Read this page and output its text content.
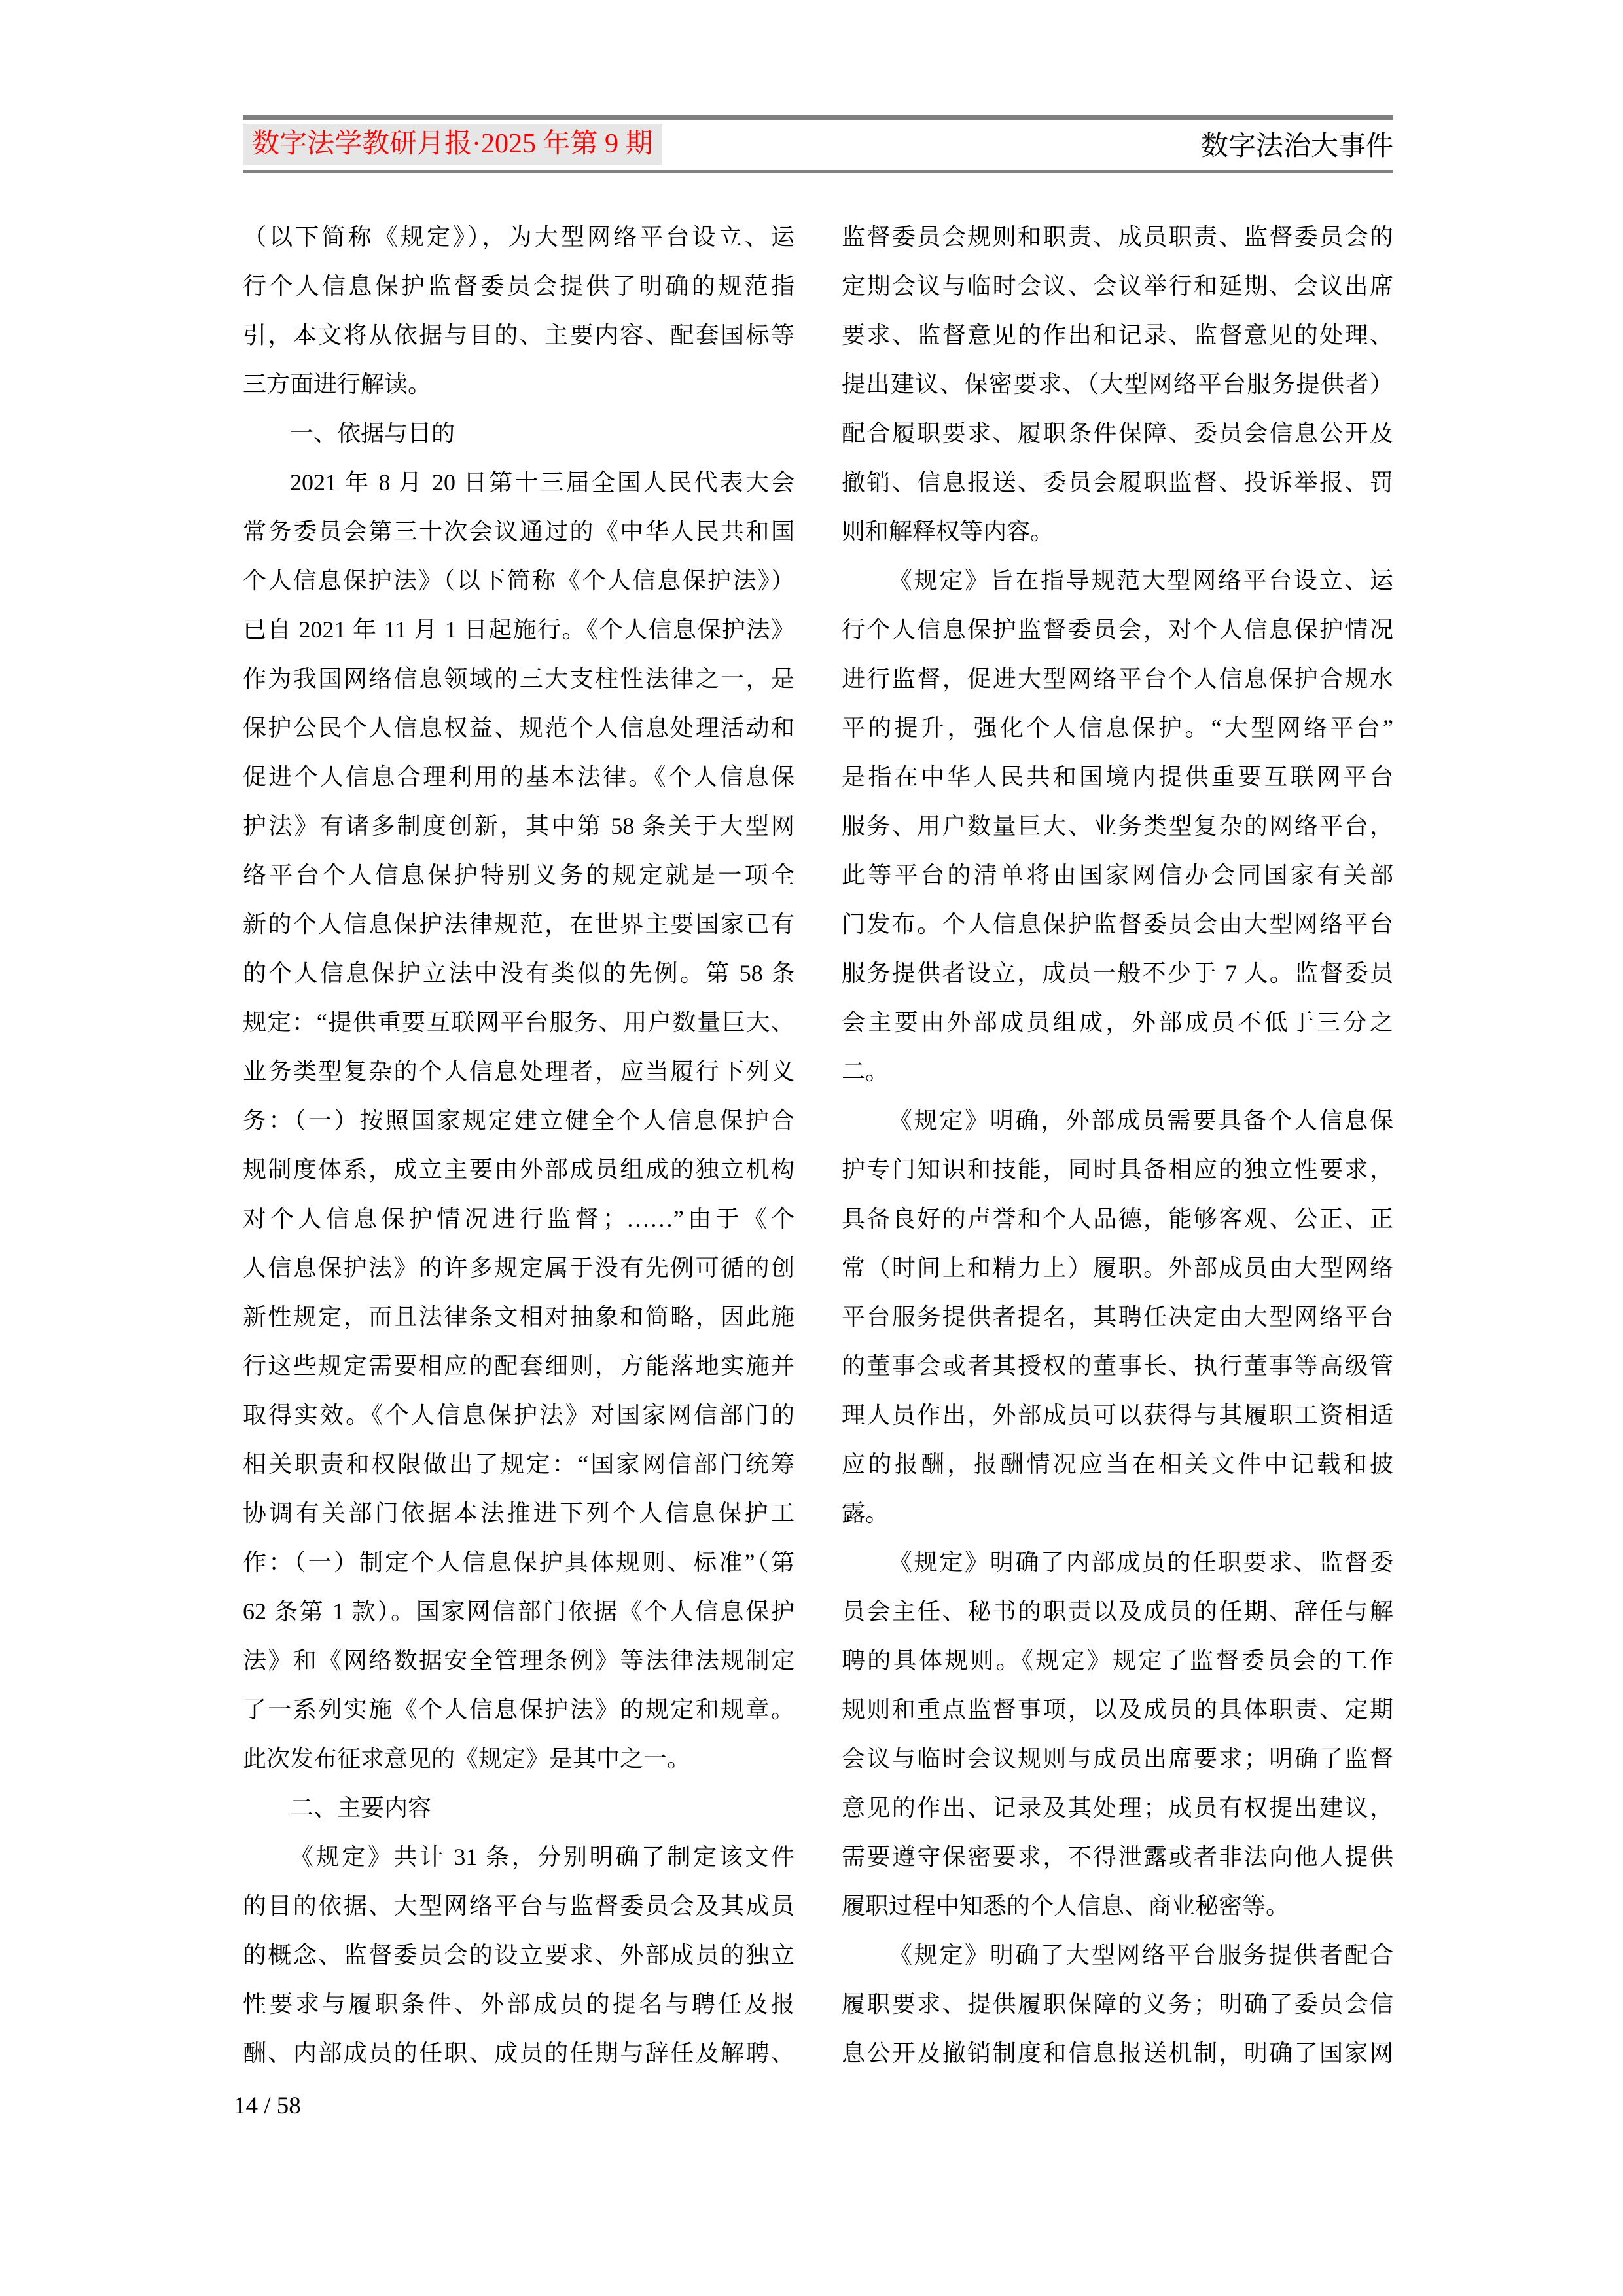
数字法学教研月报·2025 年第 9 期	数字法治大事件
（以下简称《规定》），为大型网络平台设立、运
行个人信息保护监督委员会提供了明确的规范指
引，本文将从依据与目的、主要内容、配套国标等
三方面进行解读。
一、依据与目的
2021 年 8 月 20 日第十三届全国人民代表大会
常务委员会第三十次会议通过的《中华人民共和国
个人信息保护法》（以下简称《个人信息保护法》）
已自 2021 年 11 月 1 日起施行。《个人信息保护法》
作为我国网络信息领域的三大支柱性法律之一，是
保护公民个人信息权益、规范个人信息处理活动和
促进个人信息合理利用的基本法律。《个人信息保
护法》有诸多制度创新，其中第 58 条关于大型网
络平台个人信息保护特别义务的规定就是一项全
新的个人信息保护法律规范，在世界主要国家已有
的个人信息保护立法中没有类似的先例。第 58 条
规定：“提供重要互联网平台服务、用户数量巨大、
业务类型复杂的个人信息处理者，应当履行下列义
务：（一）按照国家规定建立健全个人信息保护合
规制度体系，成立主要由外部成员组成的独立机构
对个人信息保护情况进行监督；……”由于《个
人信息保护法》的许多规定属于没有先例可循的创
新性规定，而且法律条文相对抽象和简略，因此施
行这些规定需要相应的配套细则，方能落地实施并
取得实效。《个人信息保护法》对国家网信部门的
相关职责和权限做出了规定：“国家网信部门统筹
协调有关部门依据本法推进下列个人信息保护工
作：（一）制定个人信息保护具体规则、标准”（第
62 条第 1 款）。国家网信部门依据《个人信息保护
法》和《网络数据安全管理条例》等法律法规制定
了一系列实施《个人信息保护法》的规定和规章。
此次发布征求意见的《规定》是其中之一。
二、主要内容
《规定》共计 31 条，分别明确了制定该文件
的目的依据、大型网络平台与监督委员会及其成员
的概念、监督委员会的设立要求、外部成员的独立
性要求与履职条件、外部成员的提名与聘任及报
酬、内部成员的任职、成员的任期与辞任及解聘、
监督委员会规则和职责、成员职责、监督委员会的
定期会议与临时会议、会议举行和延期、会议出席
要求、监督意见的作出和记录、监督意见的处理、
提出建议、保密要求、（大型网络平台服务提供者）
配合履职要求、履职条件保障、委员会信息公开及
撤销、信息报送、委员会履职监督、投诉举报、罚
则和解释权等内容。
《规定》旨在指导规范大型网络平台设立、运
行个人信息保护监督委员会，对个人信息保护情况
进行监督，促进大型网络平台个人信息保护合规水
平的提升，强化个人信息保护。“大型网络平台”
是指在中华人民共和国境内提供重要互联网平台
服务、用户数量巨大、业务类型复杂的网络平台，
此等平台的清单将由国家网信办会同国家有关部
门发布。个人信息保护监督委员会由大型网络平台
服务提供者设立，成员一般不少于 7 人。监督委员
会主要由外部成员组成，外部成员不低于三分之
二。
《规定》明确，外部成员需要具备个人信息保
护专门知识和技能，同时具备相应的独立性要求，
具备良好的声誉和个人品德，能够客观、公正、正
常（时间上和精力上）履职。外部成员由大型网络
平台服务提供者提名，其聘任决定由大型网络平台
的董事会或者其授权的董事长、执行董事等高级管
理人员作出，外部成员可以获得与其履职工资相适
应的报酬，报酬情况应当在相关文件中记载和披
露。
《规定》明确了内部成员的任职要求、监督委
员会主任、秘书的职责以及成员的任期、辞任与解
聘的具体规则。《规定》规定了监督委员会的工作
规则和重点监督事项，以及成员的具体职责、定期
会议与临时会议规则与成员出席要求；明确了监督
意见的作出、记录及其处理；成员有权提出建议，
需要遵守保密要求，不得泄露或者非法向他人提供
履职过程中知悉的个人信息、商业秘密等。
《规定》明确了大型网络平台服务提供者配合
履职要求、提供履职保障的义务；明确了委员会信
息公开及撤销制度和信息报送机制，明确了国家网
14 / 58
